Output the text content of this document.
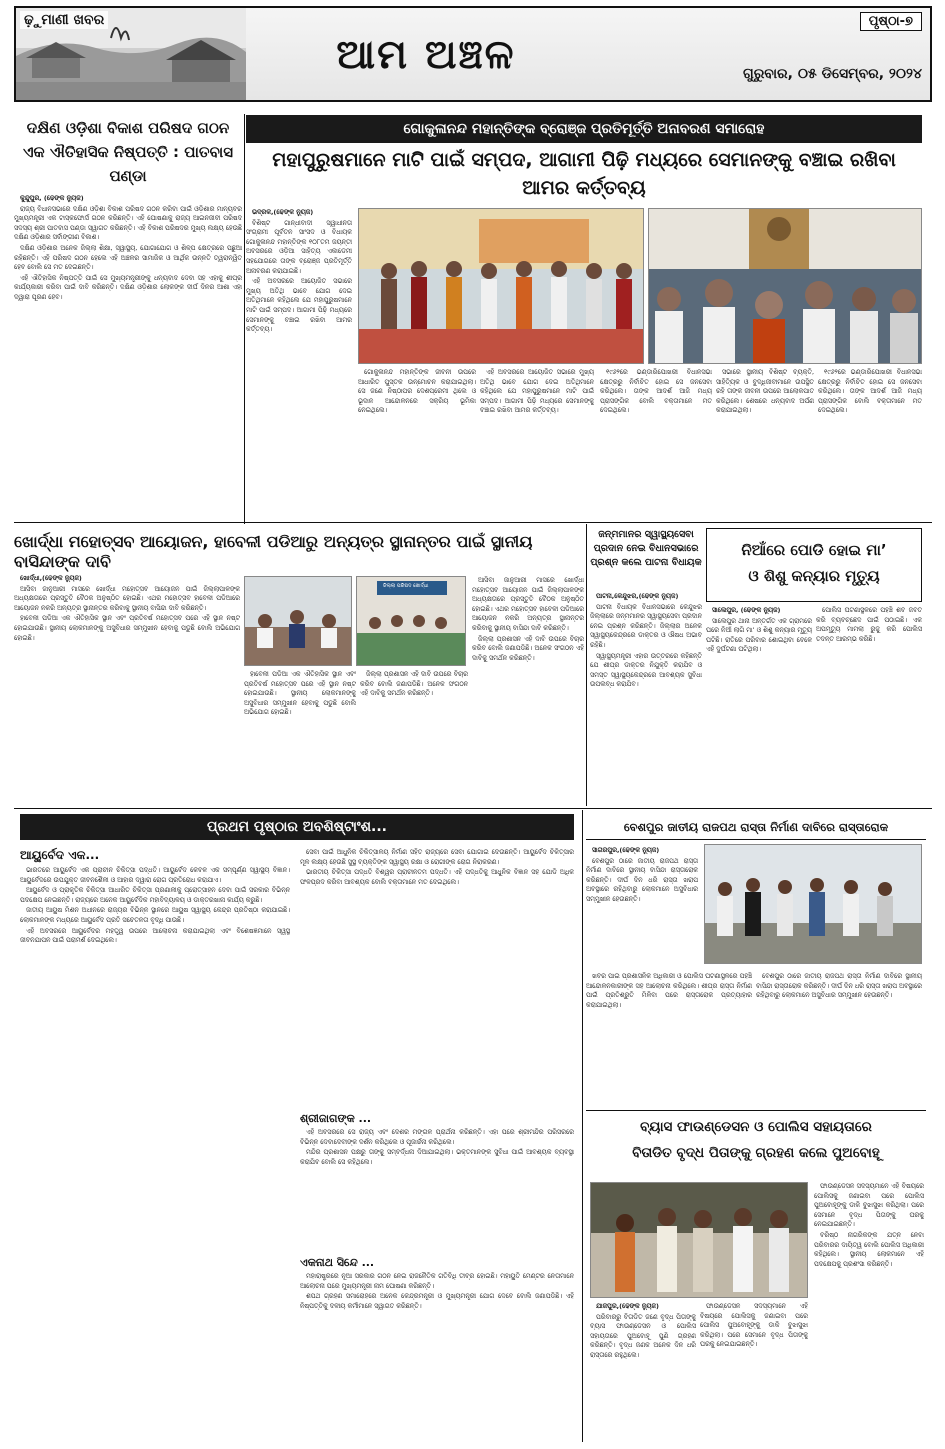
ଢ଼ୁମାଣୀ ଖବର
ଆମ ଅଞ୍ଚଳ
ପୃଷ୍ଠା-୭
ଗୁରୁବାର, ୦୫ ଡିସେମ୍ବର, ୨୦୨୪
ଦକ୍ଷିଣ ଓଡ଼ିଶା ବିକାଶ ପରିଷଦ ଗଠନ
ଏକ ଐତିହାସିକ ନିଷ୍ପତ୍ତି : ପାତବାସ ପଣ୍ଡା

କୁନ୍ଦୁପୁର, (ଢେଙ୍କ ନ୍ୟୁଜ)

ରାଜ୍ୟ ବିଧାନସଭାରେ ଦକ୍ଷିଣ ଓଡ଼ିଶା ବିକାଶ ପରିଷଦ ଗଠନ କରିବା ପାଇଁ ଓଡ଼ିଶାର ମାନ୍ୟବର ମୁଖ୍ୟମନ୍ତ୍ରୀ ଏକ ଟାସ୍କଫୋର୍ସ ଗଠନ କରିଛନ୍ତି। ଏହି ଘୋଷଣାକୁ ରାଜ୍ୟ ଆଇନଜୀବୀ ପରିଷଦ ସଦସ୍ୟ ଶ୍ରୀ ପାତବାସ ପଣ୍ଡା ସ୍ୱାଗତ କରିଛନ୍ତି। ଏହି ବିକାଶ ପରିଷଦର ମୁଖ୍ୟ ଲକ୍ଷ୍ୟ ହେଉଛି ଦକ୍ଷିଣ ଓଡ଼ିଶାର ସର୍ବାଙ୍ଗୀଣ ବିକାଶ।

ଦକ୍ଷିଣ ଓଡ଼ିଶାର ଅନେକ ଜିଲ୍ଲା ଶିକ୍ଷା, ସ୍ୱାସ୍ଥ୍ୟ, ଯୋଗାଯୋଗ ଓ ଶିଳ୍ପ କ୍ଷେତ୍ରରେ ପଛୁଆ ରହିଛନ୍ତି। ଏହି ପରିଷଦ ଗଠନ ହେଲେ ଏହି ଅଞ୍ଚଳର ସାମାଜିକ ଓ ଆର୍ଥିକ ଉନ୍ନତି ତ୍ୱରାନ୍ୱିତ ହେବ ବୋଲି ସେ ମତ ଦେଇଛନ୍ତି।

ଏହି ଐତିହାସିକ ନିଷ୍ପତ୍ତି ପାଇଁ ସେ ମୁଖ୍ୟମନ୍ତ୍ରୀଙ୍କୁ ଧନ୍ୟବାଦ ଦେବା ସହ ଏହାକୁ ଶୀଘ୍ର କାର୍ଯ୍ୟକାରୀ କରିବା ପାଇଁ ଦାବି କରିଛନ୍ତି। ଦକ୍ଷିଣ ଓଡ଼ିଶାର ଲୋକଙ୍କ ଦୀର୍ଘ ଦିନର ଆଶା ଏହା ଦ୍ୱାରା ପୂରଣ ହେବ।

ଗୋକୁଳାନନ୍ଦ ମହାନ୍ତିଙ୍କ ବ୍ରୋଞ୍ଜ ପ୍ରତିମୂର୍ତ୍ତି ଅନାବରଣ ସମାରୋହ
ମହାପୁରୁଷମାନେ ମାଟି ପାଇଁ ସମ୍ପଦ, ଆଗାମୀ ପିଢ଼ି ମଧ୍ୟରେ ସେମାନଙ୍କୁ ବଞ୍ଚାଇ ରଖିବା ଆମର କର୍ତ୍ତବ୍ୟ

ଭଦ୍ରକ,(ଢେଙ୍କ ନ୍ୟୁଜ)

ବିଶିଷ୍ଟ ଗାନ୍ଧୀବାଦୀ ସ୍ୱାଧୀନତା ସଂଗ୍ରାମୀ ପୂର୍ବତନ ସାଂସଦ ଓ ବିଧାୟକ ଗୋକୁଳାନନ୍ଦ ମହାନ୍ତିଙ୍କ ୧୦୮ତମ ଜୟନ୍ତୀ ଅବସରରେ ଓଡ଼ିଆ ସାହିତ୍ୟ ଏକାଡେମୀ ସହଯୋଗରେ ତାଙ୍କ ବ୍ରୋଞ୍ଜ ପ୍ରତିମୂର୍ତ୍ତି ଅନାବରଣ କରାଯାଇଛି।

ଏହି ଅବସରରେ ଆୟୋଜିତ ସଭାରେ ମୁଖ୍ୟ ଅତିଥି ଭାବେ ଯୋଗ ଦେଇ ଅତିଥିମାନେ କହିଥିଲେ ଯେ ମହାପୁରୁଷମାନେ ମାଟି ପାଇଁ ସମ୍ପଦ। ଆଗାମୀ ପିଢ଼ି ମଧ୍ୟରେ ସେମାନଙ୍କୁ ବଞ୍ଚାଇ ରଖିବା ଆମର କର୍ତ୍ତବ୍ୟ।

ଗୋକୁଳାନନ୍ଦ ମହାନ୍ତିଙ୍କ ଜୀବନୀ ଉପରେ ଆଧାରିତ ପୁସ୍ତକ ଉନ୍ମୋଚନ କରାଯାଇଥିଲା। ସେ ଜଣେ ନିଷ୍ଠାପର ଦେଶପ୍ରେମୀ ଥିଲେ ଓ ଭୂଦାନ ଆନ୍ଦୋଳନରେ ସକ୍ରିୟ ଭୂମିକା ନେଇଥିଲେ।

ଏହି ଅବସରରେ ଆୟୋଜିତ ସଭାରେ ମୁଖ୍ୟ ଅତିଥି ଭାବେ ଯୋଗ ଦେଇ ଅତିଥିମାନେ କହିଥିଲେ ଯେ ମହାପୁରୁଷମାନେ ମାଟି ପାଇଁ ସମ୍ପଦ। ଆଗାମୀ ପିଢ଼ି ମଧ୍ୟରେ ସେମାନଙ୍କୁ ବଞ୍ଚାଇ ରଖିବା ଆମର କର୍ତ୍ତବ୍ୟ।

୧୯୬୨ରେ ଭଣ୍ଡାରିପୋଖରୀ ବିଧାନସଭା କ୍ଷେତ୍ରରୁ ନିର୍ବାଚିତ ହୋଇ ସେ ଜନସେବା କରିଥିଲେ। ତାଙ୍କ ଆଦର୍ଶ ଆଜି ମଧ୍ୟ ପ୍ରାସଙ୍ଗିକ ବୋଲି ବକ୍ତାମାନେ ମତ ଦେଇଥିଲେ।

ସଭାରେ ସ୍ଥାନୀୟ ବିଶିଷ୍ଟ ବ୍ୟକ୍ତି, ସାହିତ୍ୟିକ ଓ ବୁଦ୍ଧିଜୀବୀମାନେ ଉପସ୍ଥିତ ରହି ତାଙ୍କ ଜୀବନୀ ଉପରେ ଆଲୋକପାତ କରିଥିଲେ। ଶେଷରେ ଧନ୍ୟବାଦ ଅର୍ପଣ କରାଯାଇଥିଲା।

୧୯୬୨ରେ ଭଣ୍ଡାରିପୋଖରୀ ବିଧାନସଭା କ୍ଷେତ୍ରରୁ ନିର୍ବାଚିତ ହୋଇ ସେ ଜନସେବା କରିଥିଲେ। ତାଙ୍କ ଆଦର୍ଶ ଆଜି ମଧ୍ୟ ପ୍ରାସଙ୍ଗିକ ବୋଲି ବକ୍ତାମାନେ ମତ ଦେଇଥିଲେ।

ଖୋର୍ଦ୍ଧା ମହୋତ୍ସବ ଆୟୋଜନ, ହାବେଳୀ ପଡିଆରୁ ଅନ୍ୟତ୍ର ସ୍ଥାନାନ୍ତର ପାଇଁ ସ୍ଥାନୀୟ ବାସିନ୍ଦାଙ୍କ ଦାବି

ଖୋର୍ଦ୍ଧା,(ଢେଙ୍କ ନ୍ୟୁଜ)

ଆସିବା ଜାନୁଆରୀ ମାସରେ ଖୋର୍ଦ୍ଧା ମହୋତ୍ସବ ଆୟୋଜନ ପାଇଁ ଜିଲ୍ଲାପାଳଙ୍କ ଅଧ୍ୟକ୍ଷତାରେ ପ୍ରସ୍ତୁତି ବୈଠକ ଅନୁଷ୍ଠିତ ହୋଇଛି। ଏଥର ମହୋତ୍ସବ ହାବେଳୀ ପଡିଆରେ ଆୟୋଜନ ନକରି ଅନ୍ୟତ୍ର ସ୍ଥାନାନ୍ତର କରିବାକୁ ସ୍ଥାନୀୟ ବାସିନ୍ଦା ଦାବି କରିଛନ୍ତି।

ହାବେଳୀ ପଡିଆ ଏକ ଐତିହାସିକ ସ୍ଥାନ ଏବଂ ପ୍ରତିବର୍ଷ ମହୋତ୍ସବ ପରେ ଏହି ସ୍ଥାନ ନଷ୍ଟ ହୋଇଯାଉଛି। ସ୍ଥାନୀୟ ଲୋକମାନଙ୍କୁ ଅସୁବିଧାର ସମ୍ମୁଖୀନ ହେବାକୁ ପଡୁଛି ବୋଲି ଅଭିଯୋଗ ହୋଇଛି।

ଜିଲ୍ଲା ପରିଷଦ ଖୋର୍ଦ୍ଧା

ହାବେଳୀ ପଡିଆ ଏକ ଐତିହାସିକ ସ୍ଥାନ ଏବଂ ପ୍ରତିବର୍ଷ ମହୋତ୍ସବ ପରେ ଏହି ସ୍ଥାନ ନଷ୍ଟ ହୋଇଯାଉଛି। ସ୍ଥାନୀୟ ଲୋକମାନଙ୍କୁ ଅସୁବିଧାର ସମ୍ମୁଖୀନ ହେବାକୁ ପଡୁଛି ବୋଲି ଅଭିଯୋଗ ହୋଇଛି।

ଜିଲ୍ଲା ପ୍ରଶାସନ ଏହି ଦାବି ଉପରେ ବିଚାର କରିବ ବୋଲି ଜଣାପଡିଛି। ଅନେକ ସଂଗଠନ ଏହି ଦାବିକୁ ସମର୍ଥନ କରିଛନ୍ତି।

ଆସିବା ଜାନୁଆରୀ ମାସରେ ଖୋର୍ଦ୍ଧା ମହୋତ୍ସବ ଆୟୋଜନ ପାଇଁ ଜିଲ୍ଲାପାଳଙ୍କ ଅଧ୍ୟକ୍ଷତାରେ ପ୍ରସ୍ତୁତି ବୈଠକ ଅନୁଷ୍ଠିତ ହୋଇଛି। ଏଥର ମହୋତ୍ସବ ହାବେଳୀ ପଡିଆରେ ଆୟୋଜନ ନକରି ଅନ୍ୟତ୍ର ସ୍ଥାନାନ୍ତର କରିବାକୁ ସ୍ଥାନୀୟ ବାସିନ୍ଦା ଦାବି କରିଛନ୍ତି।

ଜିଲ୍ଲା ପ୍ରଶାସନ ଏହି ଦାବି ଉପରେ ବିଚାର କରିବ ବୋଲି ଜଣାପଡିଛି। ଅନେକ ସଂଗଠନ ଏହି ଦାବିକୁ ସମର୍ଥନ କରିଛନ୍ତି।

ଜନ୍ମମାନର ସ୍ୱାସ୍ଥ୍ୟସେବା ପ୍ରଦାନ ନେଇ ବିଧାନସଭାରେ ପ୍ରଶ୍ନ କଲେ ପାଟନା ବିଧାୟକ

ପାଟନା,କେନ୍ଦୁଝର,(ଢେଙ୍କ ନ୍ୟୁଜ)

ପାଟନା ବିଧାୟକ ବିଧାନସଭାରେ କେନ୍ଦୁଝର ଜିଲ୍ଲାରେ ଜନ୍ମମାନର ସ୍ୱାସ୍ଥ୍ୟସେବା ପ୍ରଦାନ ନେଇ ପ୍ରଶ୍ନ କରିଛନ୍ତି। ଜିଲ୍ଲାର ଅନେକ ସ୍ୱାସ୍ଥ୍ୟକେନ୍ଦ୍ରରେ ଡାକ୍ତର ଓ ଔଷଧ ଅଭାବ ରହିଛି।

ସ୍ୱାସ୍ଥ୍ୟମନ୍ତ୍ରୀ ଏହାର ଉତ୍ତରରେ କହିଛନ୍ତି ଯେ ଶୀଘ୍ର ଡାକ୍ତର ନିଯୁକ୍ତି କରାଯିବ ଓ ସମସ୍ତ ସ୍ୱାସ୍ଥ୍ୟକେନ୍ଦ୍ରରେ ଆବଶ୍ୟକ ସୁବିଧା ଉପଲବ୍ଧ କରାଯିବ।

ନିଆଁରେ ପୋଡି ହୋଇ ମା’
ଓ ଶିଶୁ କନ୍ୟାର ମୃତ୍ୟୁ

ସାଲେପୁର, (ଢେଙ୍କ ନ୍ୟୁଜ)

ସାଲେପୁର ଥାନା ଅନ୍ତର୍ଗତ ଏକ ଗ୍ରାମରେ ଘରେ ନିଆଁ ଲାଗି ମା’ ଓ ଶିଶୁ କନ୍ୟାର ମୃତ୍ୟୁ ଘଟିଛି। ରାତିରେ ପରିବାର ଶୋଇଥିବା ବେଳେ ଏହି ଦୁର୍ଘଟଣା ଘଟିଥିଲା।

ପୋଲିସ ଘଟଣାସ୍ଥଳରେ ପହଞ୍ଚି ଶବ ଜବତ କରି ବ୍ୟବଚ୍ଛେଦ ପାଇଁ ପଠାଇଛି। ଏକ ଅପମୃତ୍ୟୁ ମାମଲା ରୁଜୁ କରି ପୋଲିସ ତଦନ୍ତ ଆରମ୍ଭ କରିଛି।

ପ୍ରଥମ ପୃଷ୍ଠାର ଅବଶିଷ୍ଟାଂଶ...
ଆୟୁର୍ବେଦ ଏକ...

ଭାରତରେ ଆୟୁର୍ବେଦ ଏକ ପ୍ରାଚୀନ ଚିକିତ୍ସା ପଦ୍ଧତି। ଆୟୁର୍ବେଦ କେବଳ ଏକ ସମ୍ପୂର୍ଣ୍ଣ ସ୍ୱାସ୍ଥ୍ୟ ବିଜ୍ଞାନ। ଆୟୁର୍ବେଦରେ ଉପଯୁକ୍ତ ଜୀବନଶୈଳୀ ଓ ଆହାର ଦ୍ୱାରା ରୋଗ ପ୍ରତିରୋଧ କରାଯାଏ।

ଆୟୁର୍ବେଦ ଓ ପ୍ରାକୃତିକ ଚିକିତ୍ସା ଆଧାରିତ ଚିକିତ୍ସା ପ୍ରଣାଳୀକୁ ପ୍ରୋତ୍ସାହନ ଦେବା ପାଇଁ ସରକାର ବିଭିନ୍ନ ପଦକ୍ଷେପ ନେଇଛନ୍ତି। ରାଜ୍ୟରେ ଅନେକ ଆୟୁର୍ବେଦିକ ମହାବିଦ୍ୟାଳୟ ଓ ଡାକ୍ତରଖାନା କାର୍ଯ୍ୟ କରୁଛି।

ଜାତୀୟ ଆୟୁଷ ମିଶନ ଅଧୀନରେ ରାଜ୍ୟର ବିଭିନ୍ନ ସ୍ଥାନରେ ଆୟୁଷ ସ୍ୱାସ୍ଥ୍ୟ କେନ୍ଦ୍ର ପ୍ରତିଷ୍ଠା କରାଯାଇଛି। ଲୋକମାନଙ୍କ ମଧ୍ୟରେ ଆୟୁର୍ବେଦ ପ୍ରତି ସଚେତନତା ବୃଦ୍ଧି ପାଉଛି।

ଏହି ଅବସରରେ ଆୟୁର୍ବେଦର ମହତ୍ତ୍ୱ ଉପରେ ଆଲୋଚନା କରାଯାଇଥିଲା ଏବଂ ବିଶେଷଜ୍ଞମାନେ ସ୍ୱସ୍ଥ ଜୀବନଯାପନ ପାଇଁ ପରାମର୍ଶ ଦେଇଥିଲେ।

ସେବା ପାଇଁ ଆଧୁନିକ ଚିକିତ୍ସାଳୟ ନିର୍ମାଣ ସହିତ ରାଜ୍ୟରେ ସେବା ଯୋଗାଇ ଦେଉଛନ୍ତି। ଆୟୁର୍ବେଦ ଚିକିତ୍ସାର ମୂଳ ଲକ୍ଷ୍ୟ ହେଉଛି ସୁସ୍ଥ ବ୍ୟକ୍ତିଙ୍କ ସ୍ୱାସ୍ଥ୍ୟ ରକ୍ଷା ଓ ରୋଗୀଙ୍କ ରୋଗ ନିରାକରଣ।

ଭାରତୀୟ ଚିକିତ୍ସା ପଦ୍ଧତି ବିଶ୍ୱର ପ୍ରାଚୀନତମ ପଦ୍ଧତି। ଏହି ପଦ୍ଧତିକୁ ଆଧୁନିକ ବିଜ୍ଞାନ ସହ ଯୋଡି ଅଧିକ ଫଳପ୍ରଦ କରିବା ଆବଶ୍ୟକ ବୋଲି ବକ୍ତାମାନେ ମତ ଦେଇଥିଲେ।

ଶ୍ରୀଜାଗଙ୍କ ...

ଏହି ଅବସରରେ ସେ ରାଜ୍ୟ ଏବଂ ଦେଶର ମଙ୍ଗଳ ପ୍ରାର୍ଥନା କରିଛନ୍ତି। ଏହା ପରେ ଶ୍ରୀମନ୍ଦିର ପରିସରରେ ବିଭିନ୍ନ ଦେବାଦେବୀଙ୍କ ଦର୍ଶନ କରିଥିଲେ ଓ ପୂଜାର୍ଚ୍ଚନା କରିଥିଲେ।

ମନ୍ଦିର ପ୍ରଶାସନ ପକ୍ଷରୁ ତାଙ୍କୁ ସମ୍ବର୍ଦ୍ଧନା ଦିଆଯାଇଥିଲା। ଭକ୍ତମାନଙ୍କ ସୁବିଧା ପାଇଁ ଆବଶ୍ୟକ ବ୍ୟବସ୍ଥା କରାଯିବ ବୋଲି ସେ କହିଥିଲେ।

ଏକନାଥ ସିନ୍ଦେ ...

ମହାରାଷ୍ଟ୍ରରେ ନୂଆ ସରକାର ଗଠନ ନେଇ ରାଜନୈତିକ ଗତିବିଧି ତୀବ୍ର ହୋଇଛି। ମହାୟୁତି ମେଣ୍ଟର ନେତାମାନେ ଆଲୋଚନା ପରେ ମୁଖ୍ୟମନ୍ତ୍ରୀ ନାମ ଘୋଷଣା କରିଛନ୍ତି।

ଶପଥ ଗ୍ରହଣ ସମାରୋହରେ ଅନେକ କେନ୍ଦ୍ରମନ୍ତ୍ରୀ ଓ ମୁଖ୍ୟମନ୍ତ୍ରୀ ଯୋଗ ଦେବେ ବୋଲି ଜଣାପଡିଛି। ଏହି ନିଷ୍ପତ୍ତିକୁ ଦଳୀୟ କର୍ମୀମାନେ ସ୍ୱାଗତ କରିଛନ୍ତି।

ବେଶପୁର ଜାତୀୟ ରାଜପଥ ରାସ୍ତା ନିର୍ମାଣ ଦାବିରେ ରାସ୍ତାରୋକ

ସାଗରପୁର,(ଢେଙ୍କ ନ୍ୟୁଜ)

ବେଶପୁର ଠାରେ ଜାତୀୟ ରାଜପଥ ରାସ୍ତା ନିର୍ମାଣ ଦାବିରେ ସ୍ଥାନୀୟ ବାସିନ୍ଦା ରାସ୍ତାରୋକ କରିଛନ୍ତି। ଦୀର୍ଘ ଦିନ ଧରି ରାସ୍ତା ଖରାପ ଅବସ୍ଥାରେ ରହିଥିବାରୁ ଲୋକମାନେ ଅସୁବିଧାର ସମ୍ମୁଖୀନ ହେଉଛନ୍ତି।

ଖବର ପାଇ ପ୍ରଶାସନିକ ଅଧିକାରୀ ଓ ପୋଲିସ ଘଟଣାସ୍ଥଳରେ ପହଞ୍ଚି ଆନ୍ଦୋଳନକାରୀଙ୍କ ସହ ଆଲୋଚନା କରିଥିଲେ। ଶୀଘ୍ର ରାସ୍ତା ନିର୍ମାଣ ପାଇଁ ପ୍ରତିଶ୍ରୁତି ମିଳିବା ପରେ ରାସ୍ତାରୋକ ପ୍ରତ୍ୟାହାର କରାଯାଇଥିଲା।

ବେଶପୁର ଠାରେ ଜାତୀୟ ରାଜପଥ ରାସ୍ତା ନିର୍ମାଣ ଦାବିରେ ସ୍ଥାନୀୟ ବାସିନ୍ଦା ରାସ୍ତାରୋକ କରିଛନ୍ତି। ଦୀର୍ଘ ଦିନ ଧରି ରାସ୍ତା ଖରାପ ଅବସ୍ଥାରେ ରହିଥିବାରୁ ଲୋକମାନେ ଅସୁବିଧାର ସମ୍ମୁଖୀନ ହେଉଛନ୍ତି।

ବ୍ୟାସ ଫାଉଣ୍ଡେସନ ଓ ପୋଲିସ ସହାୟତାରେ
ବିତାଡିତ ବୃଦ୍ଧ ପିତାଙ୍କୁ ଗ୍ରହଣ କଲେ ପୁଅବୋହୂ

ଫାଉଣ୍ଡେସନ ସଦସ୍ୟମାନେ ଏହି ବିଷୟରେ ପୋଲିସକୁ ଜଣାଇବା ପରେ ପୋଲିସ ପୁଅବୋହୂଙ୍କୁ ଡାକି ବୁଝାସୁଝା କରିଥିଲା। ପରେ ସେମାନେ ବୃଦ୍ଧ ପିତାଙ୍କୁ ଘରକୁ ନେଇଯାଇଛନ୍ତି।

ବରିଷ୍ଠ ନାଗରିକଙ୍କ ଯତ୍ନ ନେବା ପରିବାରର ଦାୟିତ୍ୱ ବୋଲି ପୋଲିସ ଅଧିକାରୀ କହିଥିଲେ। ସ୍ଥାନୀୟ ଲୋକମାନେ ଏହି ପଦକ୍ଷେପକୁ ପ୍ରଶଂସା କରିଛନ୍ତି।

ଯାଜପୁର,(ଢେଙ୍କ ନ୍ୟୁଜ)

ପରିବାରରୁ ବିତାଡିତ ଜଣେ ବୃଦ୍ଧ ପିତାଙ୍କୁ ବ୍ୟାସ ଫାଉଣ୍ଡେସନ ଓ ପୋଲିସ ସହାୟତାରେ ପୁଅବୋହୂ ପୁଣି ଗ୍ରହଣ କରିଛନ୍ତି। ବୃଦ୍ଧ ଜଣକ ଅନେକ ଦିନ ଧରି ରାସ୍ତାରେ ରହୁଥିଲେ।

ଫାଉଣ୍ଡେସନ ସଦସ୍ୟମାନେ ଏହି ବିଷୟରେ ପୋଲିସକୁ ଜଣାଇବା ପରେ ପୋଲିସ ପୁଅବୋହୂଙ୍କୁ ଡାକି ବୁଝାସୁଝା କରିଥିଲା। ପରେ ସେମାନେ ବୃଦ୍ଧ ପିତାଙ୍କୁ ଘରକୁ ନେଇଯାଇଛନ୍ତି।
